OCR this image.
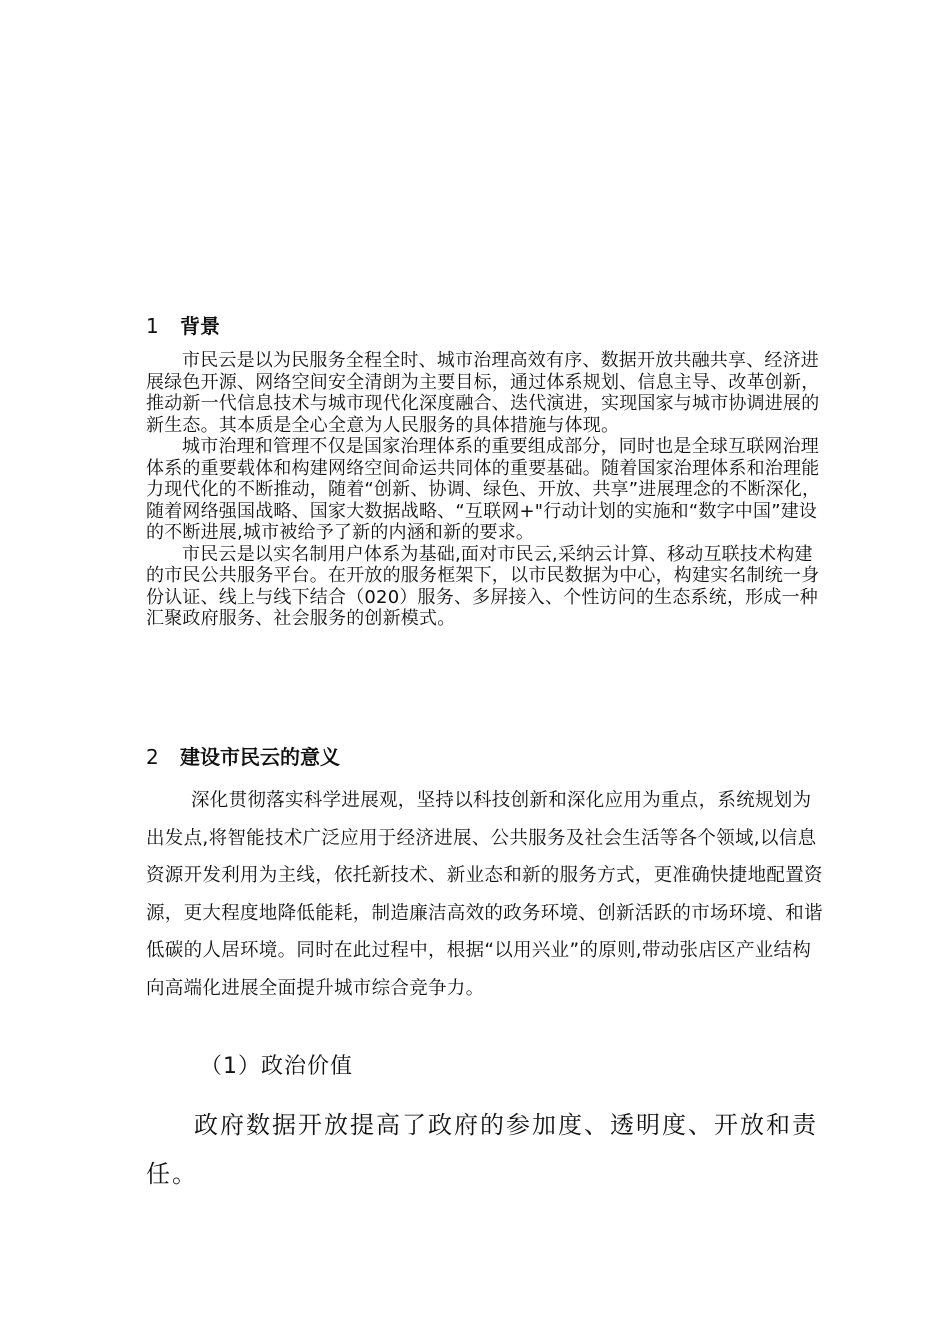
1 背景

市民云是以为民服务全程全时、城市治理高效有序、数据开放共融共享、经济进展绿色开源、网络空间安全清朗为主要目标，通过体系规划、信息主导、改革创新，推动新一代信息技术与城市现代化深度融合、迭代演进，实现国家与城市协调进展的新生态。其本质是全心全意为人民服务的具体措施与体现。

城市治理和管理不仅是国家治理体系的重要组成部分，同时也是全球互联网治理体系的重要载体和构建网络空间命运共同体的重要基础。随着国家治理体系和治理能力现代化的不断推动，随着“创新、协调、绿色、开放、共享”进展理念的不断深化，随着网络强国战略、国家大数据战略、“互联网+"行动计划的实施和“数字中国”建设的不断进展,城市被给予了新的内涵和新的要求。

市民云是以实名制用户体系为基础,面对市民云,采纳云计算、移动互联技术构建的市民公共服务平台。在开放的服务框架下，以市民数据为中心，构建实名制统一身份认证、线上与线下结合（020）服务、多屏接入、个性访问的生态系统，形成一种汇聚政府服务、社会服务的创新模式。

2 建设市民云的意义

深化贯彻落实科学进展观，坚持以科技创新和深化应用为重点，系统规划为出发点,将智能技术广泛应用于经济进展、公共服务及社会生活等各个领域,以信息资源开发利用为主线，依托新技术、新业态和新的服务方式，更准确快捷地配置资源，更大程度地降低能耗，制造廉洁高效的政务环境、创新活跃的市场环境、和谐低碳的人居环境。同时在此过程中，根据“以用兴业”的原则,带动张店区产业结构向高端化进展全面提升城市综合竞争力。

（1）政治价值

政府数据开放提高了政府的参加度、透明度、开放和责任。
